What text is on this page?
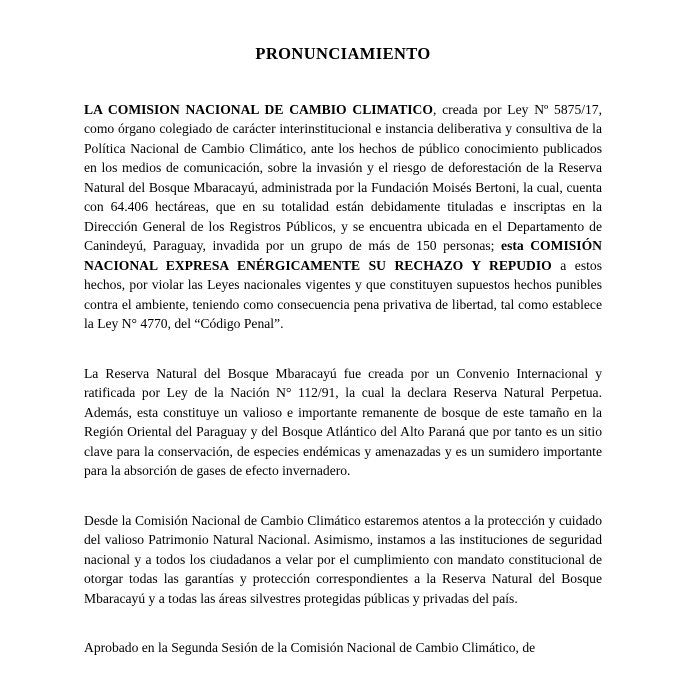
PRONUNCIAMIENTO

LA COMISION NACIONAL DE CAMBIO CLIMATICO, creada por Ley Nº 5875/17, como órgano colegiado de carácter interinstitucional e instancia deliberativa y consultiva de la Política Nacional de Cambio Climático, ante los hechos de público conocimiento publicados en los medios de comunicación, sobre la invasión y el riesgo de deforestación de la Reserva Natural del Bosque Mbaracayú, administrada por la Fundación Moisés Bertoni, la cual, cuenta con 64.406 hectáreas, que en su totalidad están debidamente tituladas e inscriptas en la Dirección General de los Registros Públicos, y se encuentra ubicada en el Departamento de Canindeyú, Paraguay, invadida por un grupo de más de 150 personas; esta COMISIÓN NACIONAL EXPRESA ENÉRGICAMENTE SU RECHAZO Y REPUDIO a estos hechos, por violar las Leyes nacionales vigentes y que constituyen supuestos hechos punibles contra el ambiente, teniendo como consecuencia pena privativa de libertad, tal como establece la Ley N° 4770, del “Código Penal”.

La Reserva Natural del Bosque Mbaracayú fue creada por un Convenio Internacional y ratificada por Ley de la Nación N° 112/91, la cual la declara Reserva Natural Perpetua. Además, esta constituye un valioso e importante remanente de bosque de este tamaño en la Región Oriental del Paraguay y del Bosque Atlántico del Alto Paraná que por tanto es un sitio clave para la conservación, de especies endémicas y amenazadas y es un sumidero importante para la absorción de gases de efecto invernadero.

Desde la Comisión Nacional de Cambio Climático estaremos atentos a la protección y cuidado del valioso Patrimonio Natural Nacional. Asimismo, instamos a las instituciones de seguridad nacional y a todos los ciudadanos a velar por el cumplimiento con mandato constitucional de otorgar todas las garantías y protección correspondientes a la Reserva Natural del Bosque Mbaracayú y a todas las áreas silvestres protegidas públicas y privadas del país.

Aprobado en la Segunda Sesión de la Comisión Nacional de Cambio Climático, de
